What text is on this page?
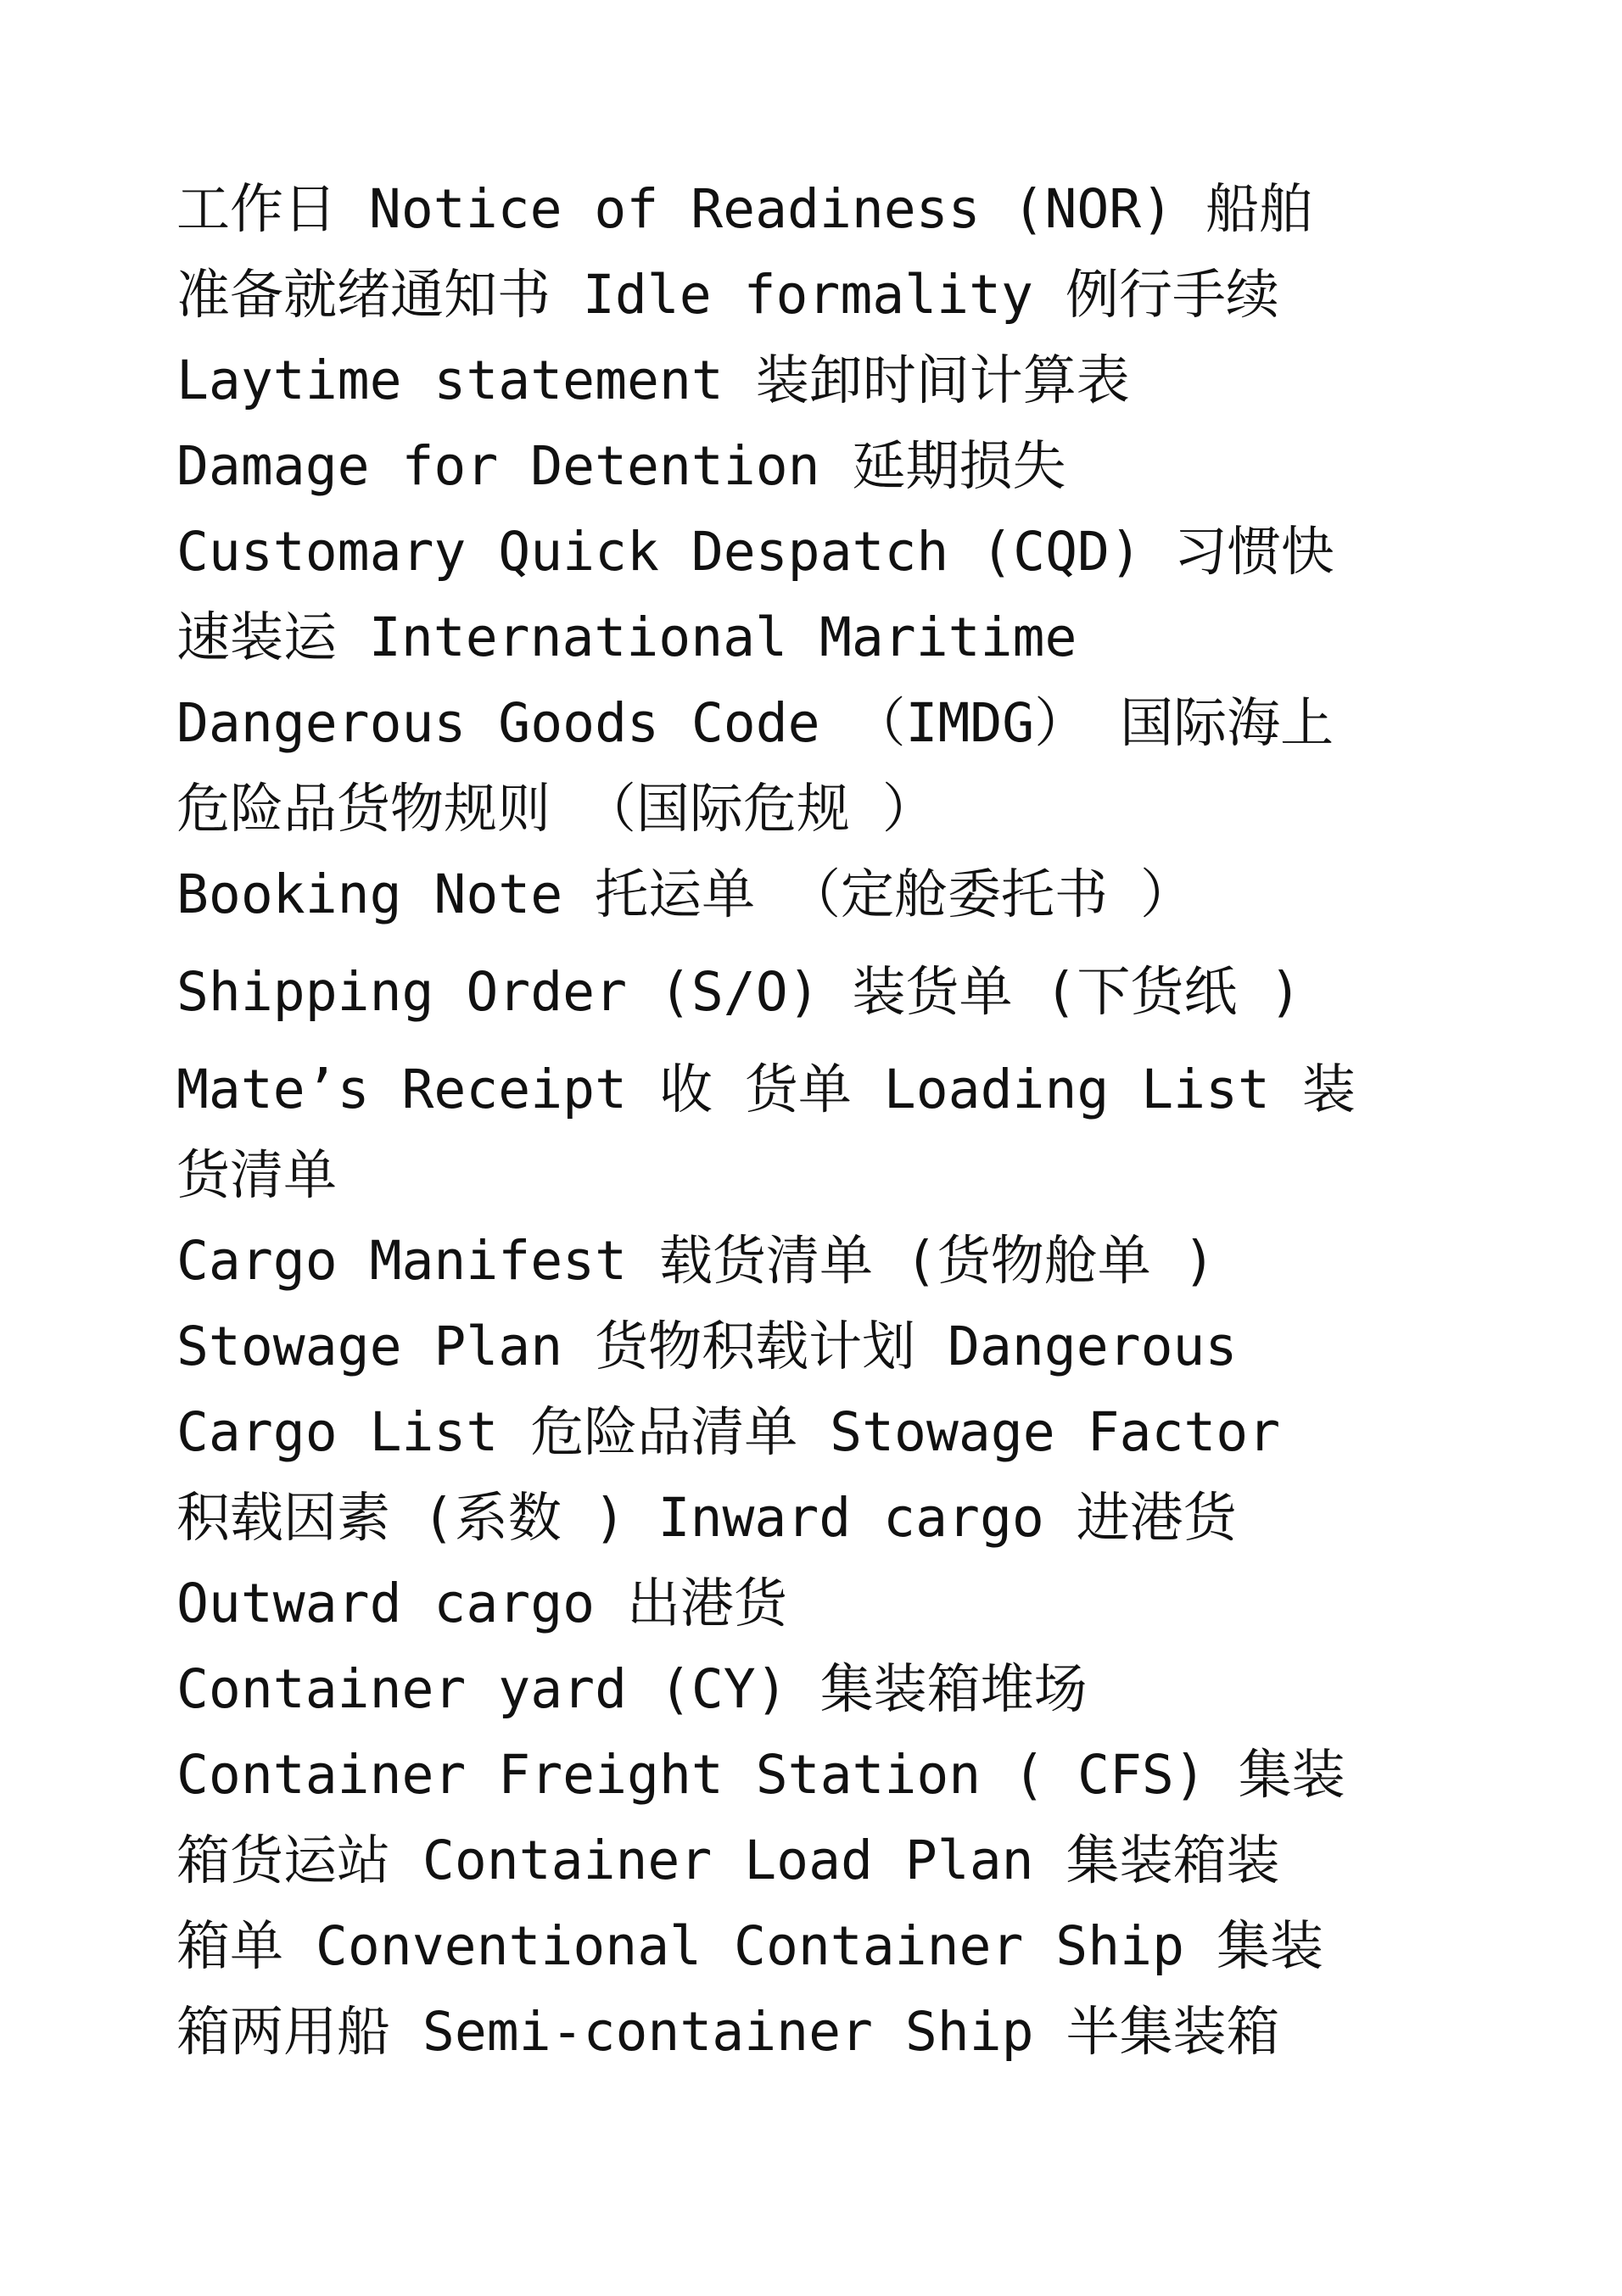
工作日 Notice of Readiness (NOR) 船舶
准备就绪通知书 Idle formality 例行手续
Laytime statement 装卸时间计算表
Damage for Detention 延期损失
Customary Quick Despatch (CQD) 习惯快
速装运 International Maritime
Dangerous Goods Code （IMDG） 国际海上
危险品货物规则 （国际危规 ）
Booking Note 托运单 （定舱委托书 ）
Shipping Order (S/O) 装货单 (下货纸 )
Mate’s Receipt 收 货单 Loading List 装
货清单
Cargo Manifest 载货清单 (货物舱单 )
Stowage Plan 货物积载计划 Dangerous
Cargo List 危险品清单 Stowage Factor
积载因素 (系数 ) Inward cargo 进港货
Outward cargo 出港货
Container yard (CY) 集装箱堆场
Container Freight Station ( CFS) 集装
箱货运站 Container Load Plan 集装箱装
箱单 Conventional Container Ship 集装
箱两用船 Semi-container Ship 半集装箱
